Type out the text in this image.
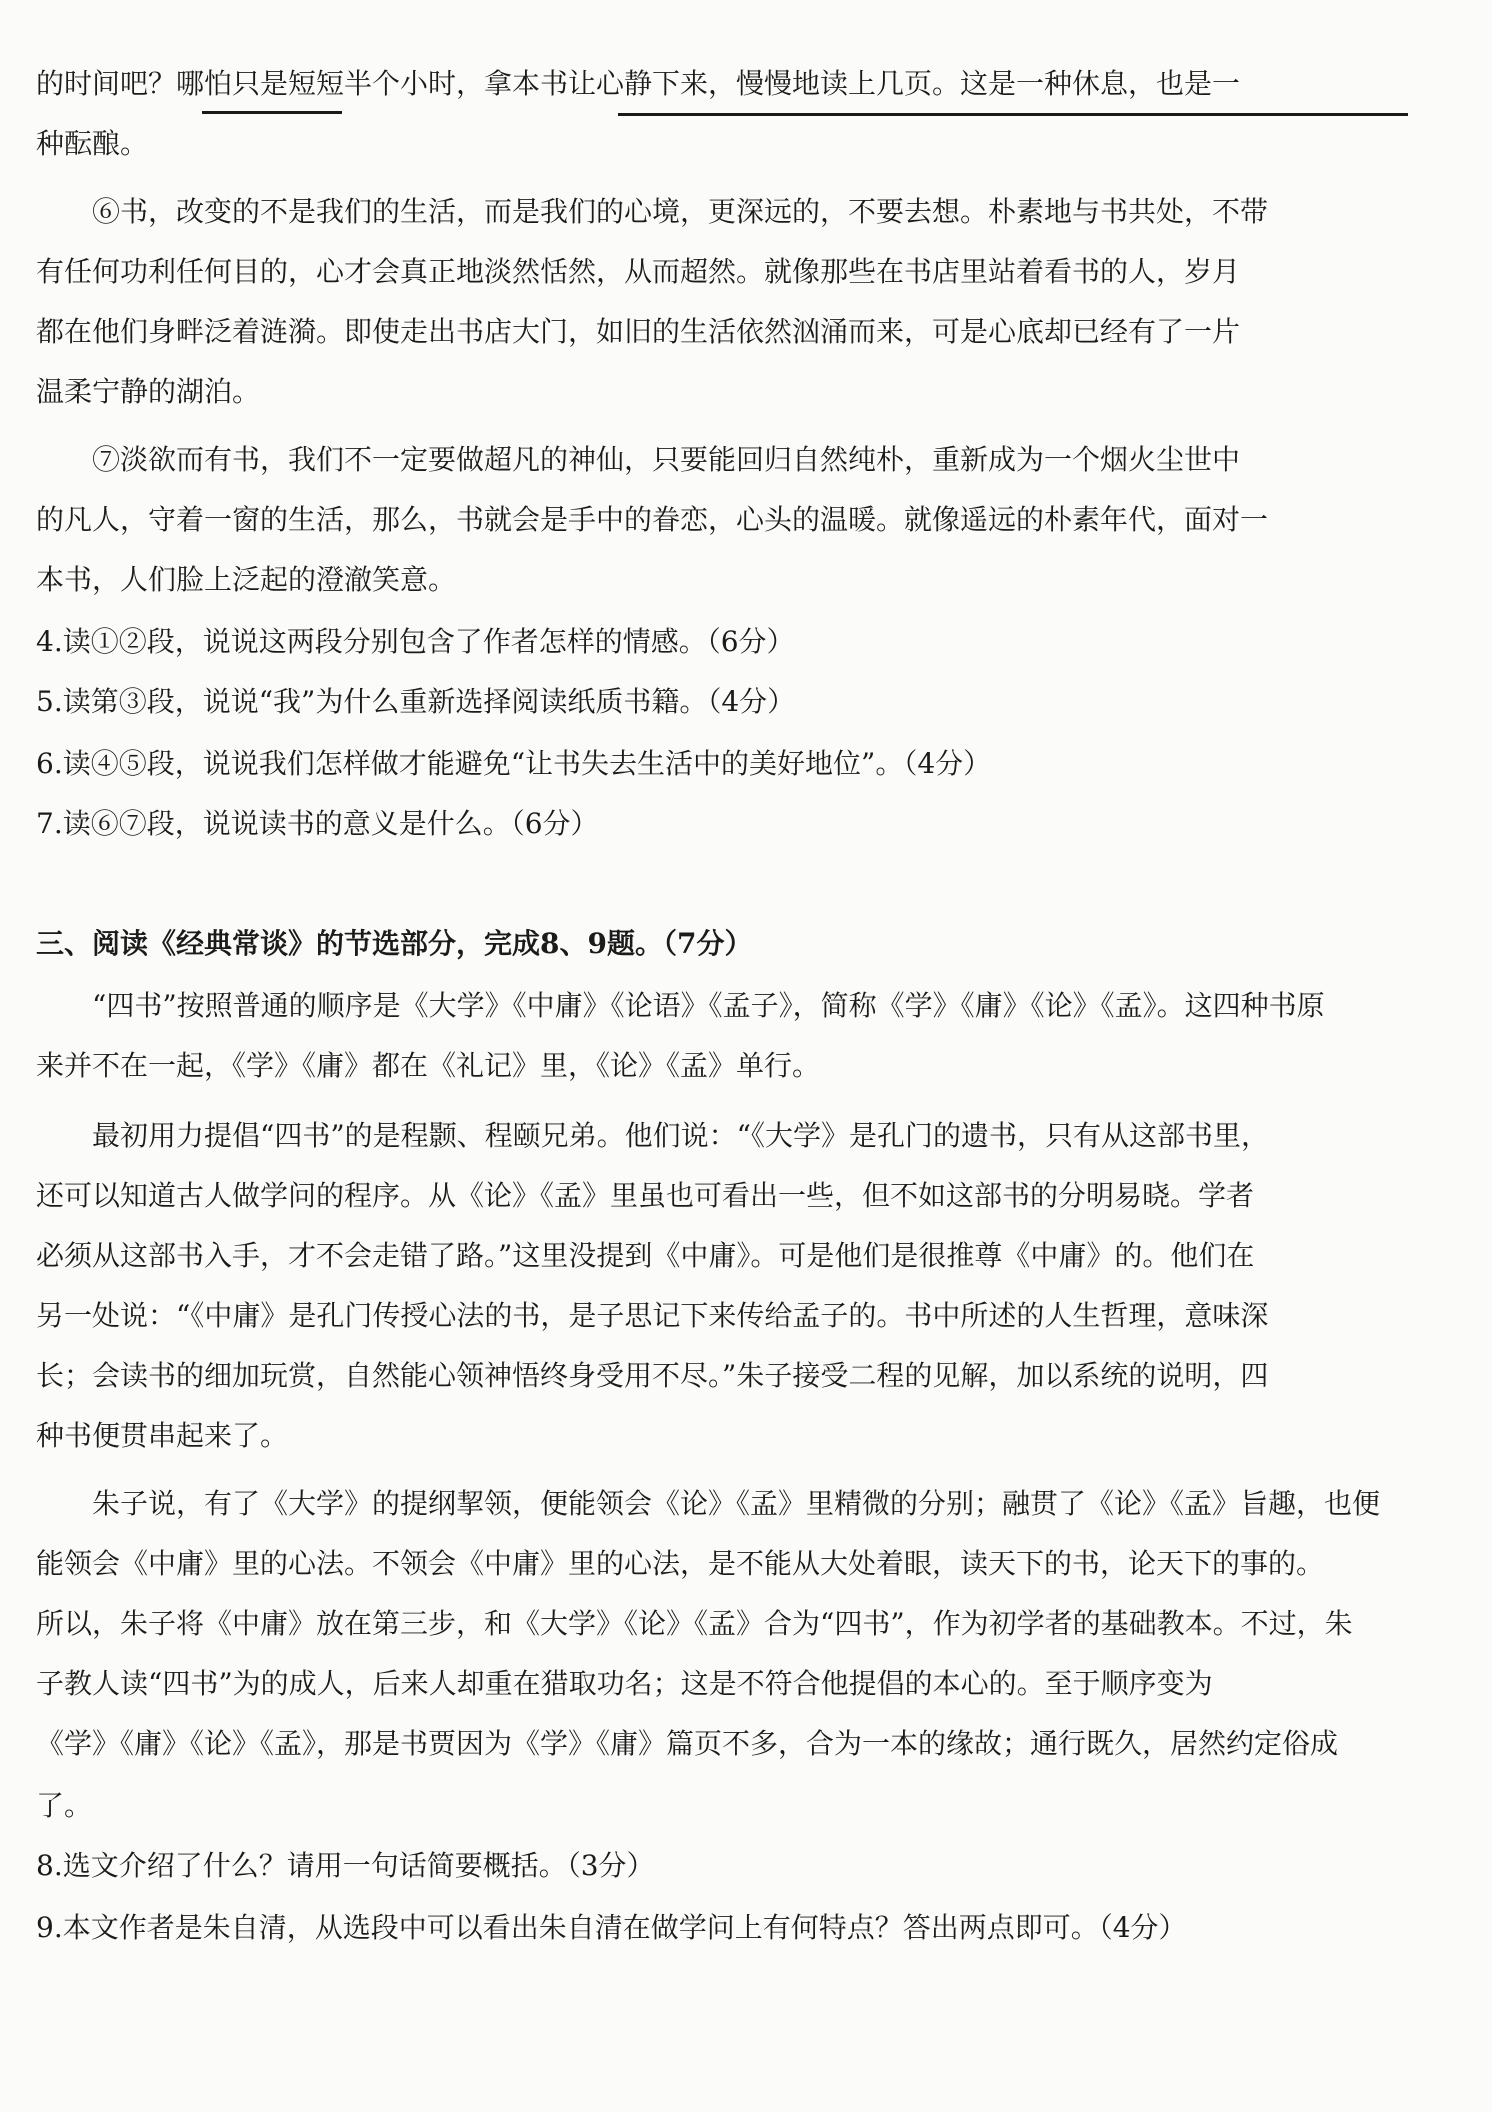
的时间吧？哪怕只是短短半个小时，拿本书让心静下来，慢慢地读上几页。这是一种休息，也是一

种酝酿。

⑥书，改变的不是我们的生活，而是我们的心境，更深远的，不要去想。朴素地与书共处，不带

有任何功利任何目的，心才会真正地淡然恬然，从而超然。就像那些在书店里站着看书的人，岁月

都在他们身畔泛着涟漪。即使走出书店大门，如旧的生活依然汹涌而来，可是心底却已经有了一片

温柔宁静的湖泊。

⑦淡欲而有书，我们不一定要做超凡的神仙，只要能回归自然纯朴，重新成为一个烟火尘世中

的凡人，守着一窗的生活，那么，书就会是手中的眷恋，心头的温暖。就像遥远的朴素年代，面对一

本书，人们脸上泛起的澄澈笑意。

4.读①②段，说说这两段分别包含了作者怎样的情感。（6分）

5.读第③段，说说“我”为什么重新选择阅读纸质书籍。（4分）

6.读④⑤段，说说我们怎样做才能避免“让书失去生活中的美好地位”。（4分）

7.读⑥⑦段，说说读书的意义是什么。（6分）

三、阅读《经典常谈》的节选部分，完成8、9题。（7分）

“四书”按照普通的顺序是《大学》《中庸》《论语》《孟子》，简称《学》《庸》《论》《孟》。这四种书原

来并不在一起，《学》《庸》都在《礼记》里，《论》《孟》单行。

最初用力提倡“四书”的是程颢、程颐兄弟。他们说：“《大学》是孔门的遗书，只有从这部书里，

还可以知道古人做学问的程序。从《论》《孟》里虽也可看出一些，但不如这部书的分明易晓。学者

必须从这部书入手，才不会走错了路。”这里没提到《中庸》。可是他们是很推尊《中庸》的。他们在

另一处说：“《中庸》是孔门传授心法的书，是子思记下来传给孟子的。书中所述的人生哲理，意味深

长；会读书的细加玩赏，自然能心领神悟终身受用不尽。”朱子接受二程的见解，加以系统的说明，四

种书便贯串起来了。

朱子说，有了《大学》的提纲挈领，便能领会《论》《孟》里精微的分别；融贯了《论》《孟》旨趣，也便

能领会《中庸》里的心法。不领会《中庸》里的心法，是不能从大处着眼，读天下的书，论天下的事的。

所以，朱子将《中庸》放在第三步，和《大学》《论》《孟》合为“四书”，作为初学者的基础教本。不过，朱

子教人读“四书”为的成人，后来人却重在猎取功名；这是不符合他提倡的本心的。至于顺序变为

《学》《庸》《论》《孟》，那是书贾因为《学》《庸》篇页不多，合为一本的缘故；通行既久，居然约定俗成

了。

8.选文介绍了什么？请用一句话简要概括。（3分）

9.本文作者是朱自清，从选段中可以看出朱自清在做学问上有何特点？答出两点即可。（4分）
